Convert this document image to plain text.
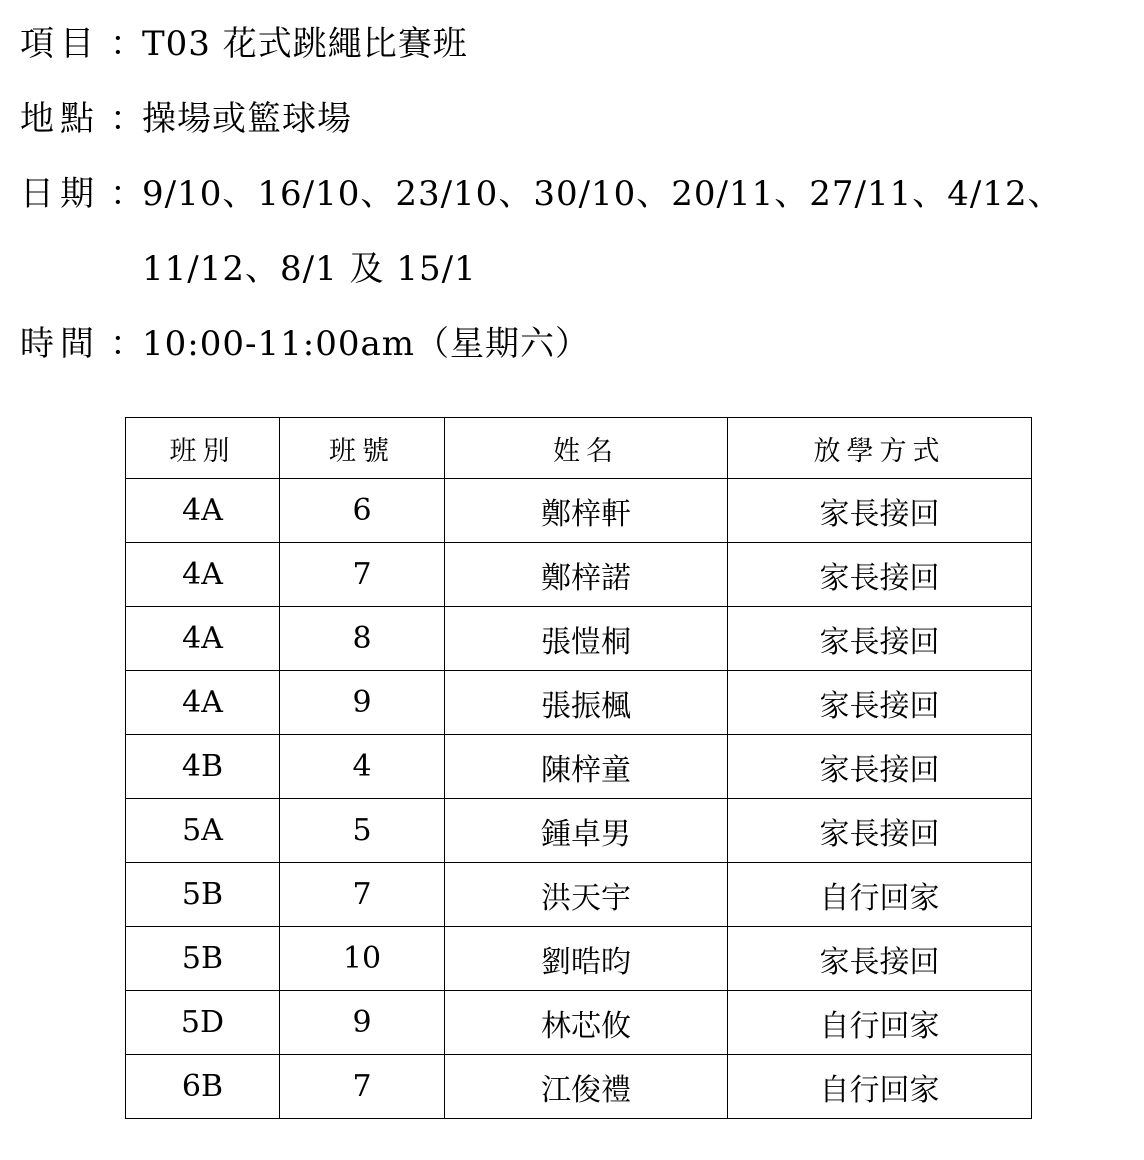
項目 ：
T03 花式跳繩比賽班
地點 ：
操場或籃球場
日期 ：
9/10、16/10、23/10、30/10、20/11、27/11、4/12、
11/12、8/1 及 15/1
時間 ：
10:00-11:00am（星期六）
班別	班號	姓名	放學方式
4A	6	鄭梓軒	家長接回
4A	7	鄭梓諾	家長接回
4A	8	張愷桐	家長接回
4A	9	張振楓	家長接回
4B	4	陳梓童	家長接回
5A	5	鍾卓男	家長接回
5B	7	洪天宇	自行回家
5B	10	劉晧昀	家長接回
5D	9	林芯攸	自行回家
6B	7	江俊禮	自行回家
